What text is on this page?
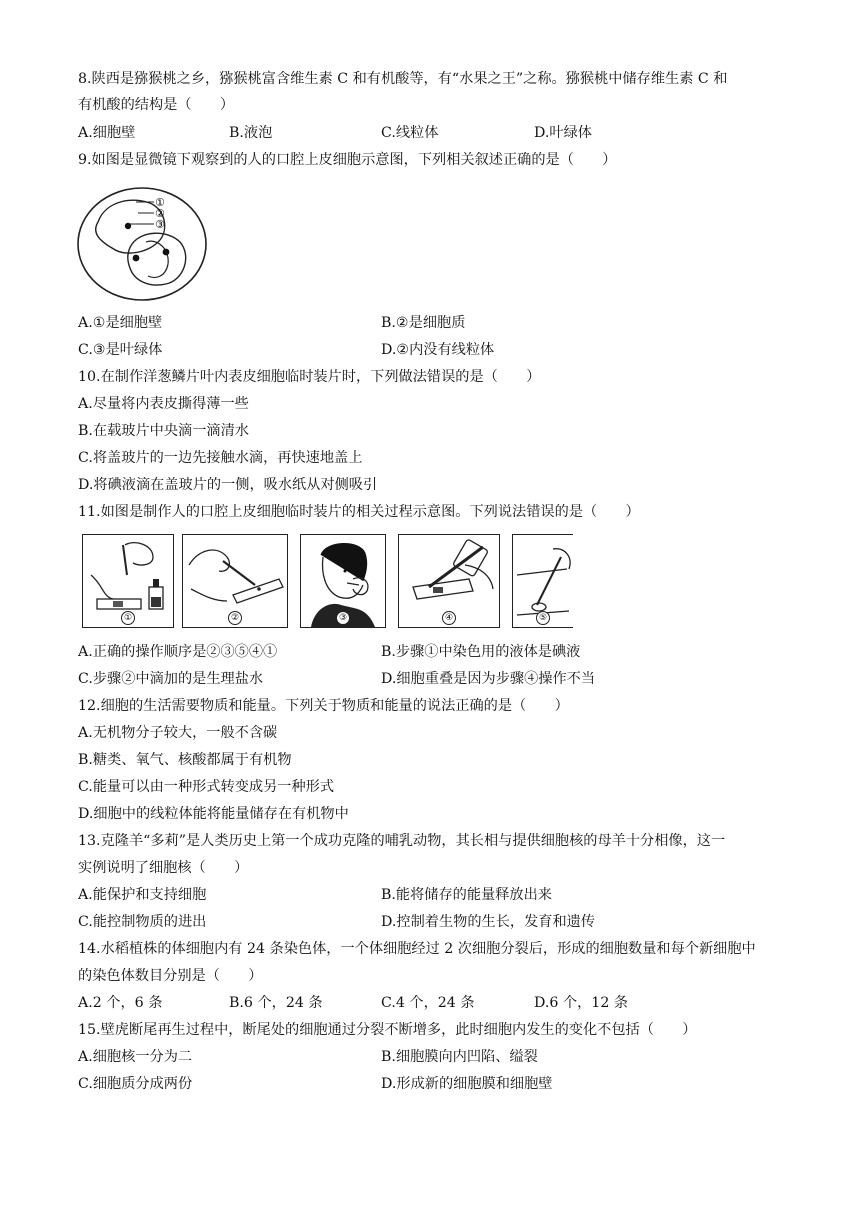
8.陕西是猕猴桃之乡，猕猴桃富含维生素 C 和有机酸等，有“水果之王”之称。猕猴桃中储存维生素 C 和
有机酸的结构是（　　）
A.细胞壁	B.液泡	C.线粒体	D.叶绿体
9.如图是显微镜下观察到的人的口腔上皮细胞示意图，下列相关叙述正确的是（　　）
①
②
③
A.①是细胞壁	B.②是细胞质
C.③是叶绿体	D.②内没有线粒体
10.在制作洋葱鳞片叶内表皮细胞临时装片时，下列做法错误的是（　　）
A.尽量将内表皮撕得薄一些
B.在载玻片中央滴一滴清水
C.将盖玻片的一边先接触水滴，再快速地盖上
D.将碘液滴在盖玻片的一侧，吸水纸从对侧吸引
11.如图是制作人的口腔上皮细胞临时装片的相关过程示意图。下列说法错误的是（　　）
①	②	③	④	⑤
A.正确的操作顺序是②③⑤④①	B.步骤①中染色用的液体是碘液
C.步骤②中滴加的是生理盐水	D.细胞重叠是因为步骤④操作不当
12.细胞的生活需要物质和能量。下列关于物质和能量的说法正确的是（　　）
A.无机物分子较大，一般不含碳
B.糖类、氧气、核酸都属于有机物
C.能量可以由一种形式转变成另一种形式
D.细胞中的线粒体能将能量储存在有机物中
13.克隆羊“多莉”是人类历史上第一个成功克隆的哺乳动物，其长相与提供细胞核的母羊十分相像，这一
实例说明了细胞核（　　）
A.能保护和支持细胞	B.能将储存的能量释放出来
C.能控制物质的进出	D.控制着生物的生长，发育和遗传
14.水稻植株的体细胞内有 24 条染色体，一个体细胞经过 2 次细胞分裂后，形成的细胞数量和每个新细胞中
的染色体数目分别是（　　）
A.2 个，6 条	B.6 个，24 条	C.4 个，24 条	D.6 个，12 条
15.壁虎断尾再生过程中，断尾处的细胞通过分裂不断增多，此时细胞内发生的变化不包括（　　）
A.细胞核一分为二	B.细胞膜向内凹陷、缢裂
C.细胞质分成两份	D.形成新的细胞膜和细胞壁
